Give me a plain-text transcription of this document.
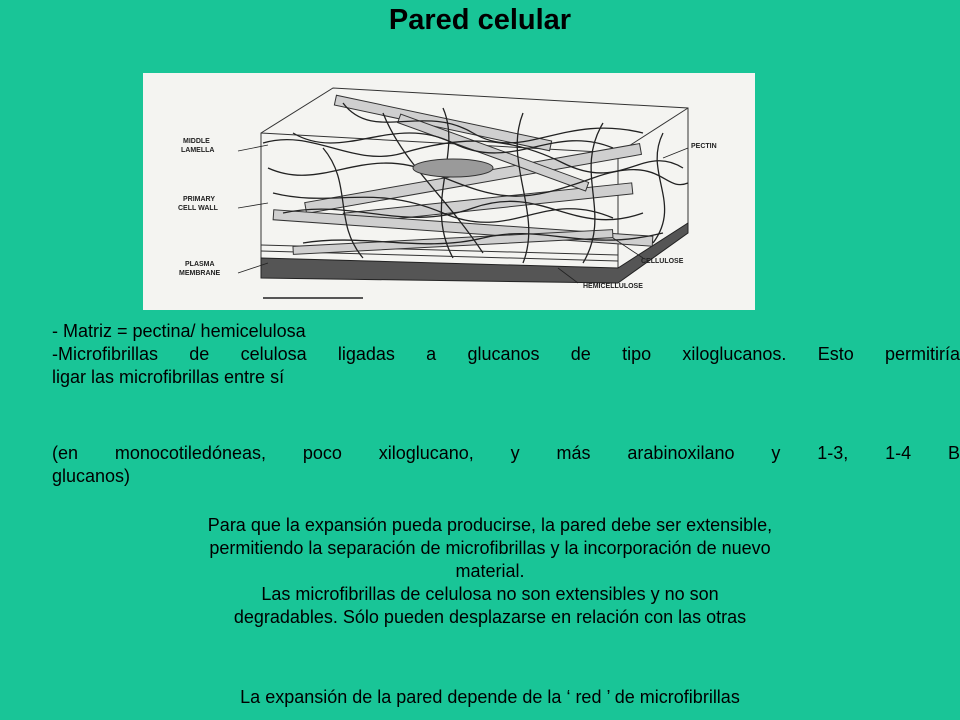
Pared celular
MIDDLE
LAMELLA
PRIMARY
CELL WALL
PLASMA
MEMBRANE
PECTIN
CELLULOSE
HEMICELLULOSE
- Matriz = pectina/ hemicelulosa
-Microfibrillas de celulosa ligadas a glucanos de tipo xiloglucanos. Esto permitiría
ligar las microfibrillas entre sí
(en monocotiledóneas, poco xiloglucano, y más arabinoxilano y 1-3, 1-4 B
glucanos)
Para que la expansión pueda producirse, la pared debe ser extensible,
permitiendo la separación de microfibrillas y la incorporación de nuevo
material.
Las microfibrillas de celulosa no son extensibles y no son
degradables. Sólo pueden desplazarse en relación con las otras
La expansión de la pared depende de la ‘ red ’ de microfibrillas
